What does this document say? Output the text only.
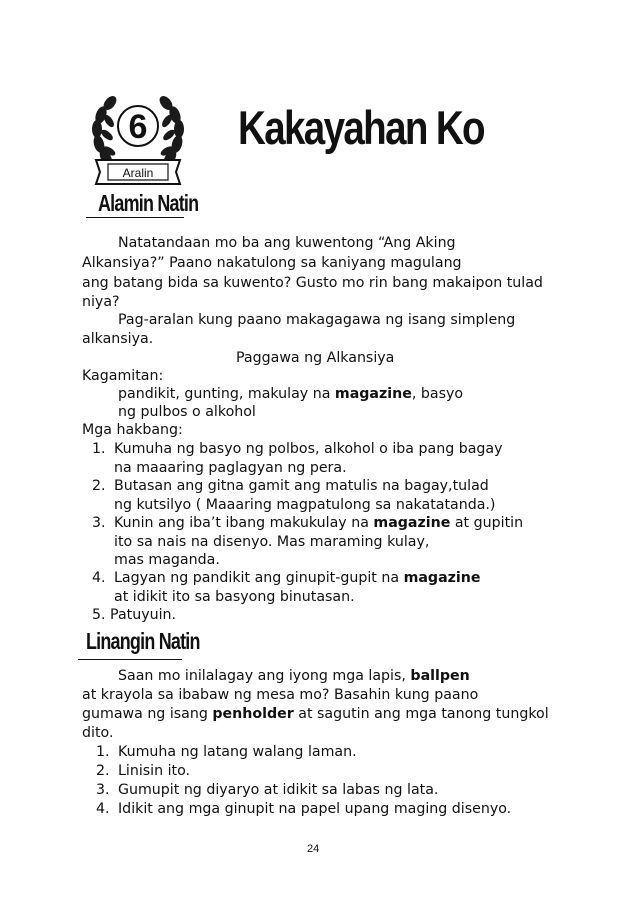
6
Aralin
Kakayahan Ko
Alamin Natin
Natatandaan mo ba ang kuwentong “Ang Aking
Alkansiya?” Paano nakatulong sa kaniyang magulang
ang batang bida sa kuwento? Gusto mo rin bang makaipon tulad
niya?
Pag-aralan kung paano makagagawa ng isang simpleng
alkansiya.
Paggawa ng Alkansiya
Kagamitan:
pandikit, gunting, makulay na magazine, basyo
ng pulbos o alkohol
Mga hakbang:
1. Kumuha ng basyo ng polbos, alkohol o iba pang bagay
na maaaring paglagyan ng pera.
2. Butasan ang gitna gamit ang matulis na bagay,tulad
ng kutsilyo ( Maaaring magpatulong sa nakatatanda.)
3. Kunin ang iba’t ibang makukulay na magazine at gupitin
ito sa nais na disenyo. Mas maraming kulay,
mas maganda.
4. Lagyan ng pandikit ang ginupit-gupit na magazine
at idikit ito sa basyong binutasan.
5. Patuyuin.
Linangin Natin
Saan mo inilalagay ang iyong mga lapis, ballpen
at krayola sa ibabaw ng mesa mo? Basahin kung paano
gumawa ng isang penholder at sagutin ang mga tanong tungkol
dito.
1. Kumuha ng latang walang laman.
2. Linisin ito.
3. Gumupit ng diyaryo at idikit sa labas ng lata.
4. Idikit ang mga ginupit na papel upang maging disenyo.
24
